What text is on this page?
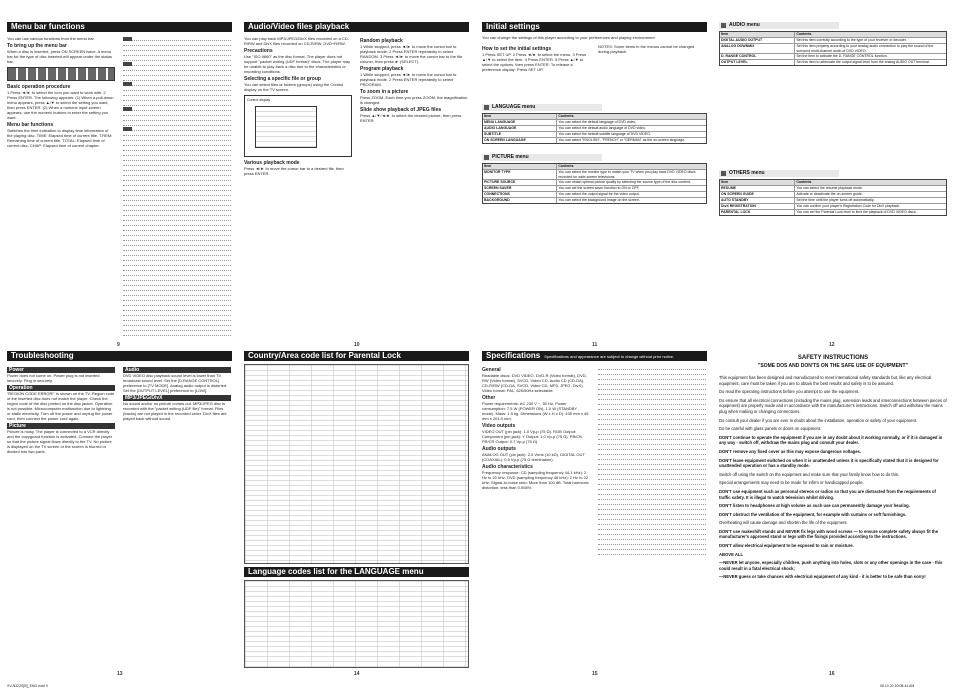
Menu bar functions
You can use various functions from the menu bar.
To bring up the menu bar
When a disc is inserted, press ON SCREEN twice. A menu bar for the type of disc inserted will appear under the status bar.
Basic operation procedure
1 Press ◄/► to select the icon you want to work with. 2 Press ENTER. The following appears: (1) When a pull-down menu appears, press ▲/▼ to select the setting you want, then press ENTER. (2) When a numeric input screen appears, use the numeric buttons to enter the setting you want.
Menu bar functions
Switches the time indication to display time information of the playing disc. TIME: Elapsed time of current title. T.REM: Remaining time of current title. TOTAL: Elapsed time of current disc. CHAP: Elapsed time of current chapter.
9
Audio/Video files playback
You can play back MP3/JPEG/DivX files recorded on a CD-R/RW and DivX files recorded on CD-R/RW, DVD+R/RW.
Precautions
Use "ISO 9660" as the disc format. The player does not support "packet writing (UDF format)" discs. The player may be unable to play back a disc due to the characteristics or recording conditions.
Selecting a specific file or group
You can select files or folders (groups) using the Control display on the TV screen.
Control display
Various playback mode
Press ◄/► to move the cursor bar to a desired file, then press ENTER.
Random playback
1 While stopped, press ◄/► to move the cursor bar to playback mode. 2 Press ENTER repeatedly to select RANDOM. 3 Press ◄/► to move the cursor bar to the file column, then press ► (SELECT).
Program playback
1 While stopped, press ◄/► to move the cursor bar to playback mode. 2 Press ENTER repeatedly to select PROGRAM.
To zoom in a picture
Press ZOOM. Each time you press ZOOM, the magnification is changed.
Slide show playback of JPEG files
Press ▲/▼/◄/► to select the desired picture, then press ENTER.
10
Initial settings
You can change the settings of this player according to your preferences and playing environment.
How to set the initial settings
1 Press SET UP. 2 Press ◄/► to select the menu. 3 Press ▲/▼ to select the item. 4 Press ENTER. 5 Press ▲/▼ to select the options, then press ENTER. To release a preference display: Press SET UP.
NOTES: Some items in the menus cannot be changed during playback.
LANGUAGE menu
Item	Contents
MENU LANGUAGE	You can select the default language of DVD video.
AUDIO LANGUAGE	You can select the default audio language of DVD video.
SUBTITLE	You can select the default subtitle language of DVD VIDEO.
ON SCREEN LANGUAGE	You can select "ENGLISH", "FRENCH" or "GERMAN" as the on-screen language.
PICTURE menu
Item	Contents
MONITOR TYPE	You can select the monitor type to match your TV when you play back DVD VIDEO discs recorded for wide-screen televisions.
PICTURE SOURCE	You can obtain optimal picture quality by selecting the source type of the disc content.
SCREEN SAVER	You can set the screen saver function to ON or OFF.
CONNECTIONS	You can select the output signal for the video output.
BACKGROUND	You can select the background image on the screen.
11
AUDIO menu
Item	Contents
DIGITAL AUDIO OUTPUT	Set this item correctly according to the type of your receiver or decoder.
ANALOG DOWNMIX	Set this item properly according to your analog audio connection to play the sound of the surround multi-channel audio of DVD VIDEO.
D. RANGE CONTROL	Set the item to activate the D. RANGE CONTROL function.
OUTPUT LEVEL	Set this item to attenuate the output signal level from the analog AUDIO OUT terminal.
OTHERS menu
Item	Contents
RESUME	You can select the resume playback mode.
ON SCREEN GUIDE	Activate or deactivate the on-screen guide.
AUTO STANDBY	Set the time until the player turns off automatically.
DivX REGISTRATION	You can confirm your player's Registration Code for DivX playback.
PARENTAL LOCK	You can set the Parental Lock level to limit the playback of DVD VIDEO discs.
12
Troubleshooting
Power
Power does not come on. Power plug is not inserted securely. Plug in securely.
Operation
"REGION CODE ERROR!" is shown on the TV. Region code of the inserted disc does not match the player. Check the region code of the disc printed on the disc jacket. Operation is not possible. Microcomputer malfunction due to lightning or static electricity. Turn off the power and unplug the power cord, then connect the power cord again.
Picture
Picture is noisy. The player is connected to a VCR directly and the copyguard function is activated. Connect the player so that the picture signal flows directly to the TV. No picture is displayed on the TV screen or the screen is blurred or divided into two parts.
Audio
DVD VIDEO disc playback sound level is lower than TV broadcast sound level. Set the [D.RANGE CONTROL] preference to [TV MODE]. Analog audio output is distorted. Set the [OUTPUT LEVEL] preference to [LOW].
MP3/JPEG/DivX
No sound and/or no picture comes out. MP3/JPEG disc is recorded with the "packet writing (UDF file)" format. Files (tracks) are not played in the recorded order. DivX files are played back without sound.
13
Country/Area code list for Parental Lock
Language codes list for the LANGUAGE menu
14
Specifications Specifications and appearance are subject to change without prior notice.
General
Readable discs: DVD VIDEO, DVD-R (Video format), DVD-RW (Video format), SVCD, Video CD, Audio CD (CD-DA), CD-R/RW (CD-DA, SVCD, Video CD, MP3, JPEG, DivX). Video format: PAL, 625/50Hz selectable.
Other
Power requirements: AC 230 V ~, 50 Hz. Power consumption: 7.5 W (POWER ON), 1.0 W (STANDBY mode). Mass: 1.5 kg. Dimensions (W x H x D): 435 mm x 45 mm x 201.5 mm.
Video outputs
VIDEO OUT (pin jack): 1.0 Vp-p (75 Ω). RGB Output: Component (pin jack): Y Output: 1.0 Vp-p (75 Ω). PB/CB, PR/CR Output: 0.7 Vp-p (75 Ω).
Audio outputs
ANALOG OUT (pin jack): 2.0 Vrms (10 kΩ). DIGITAL OUT (COAXIAL): 0.5 Vp-p (75 Ω termination).
Audio characteristics
Frequency response: CD (sampling frequency 44.1 kHz): 2 Hz to 20 kHz. DVD (sampling frequency 48 kHz): 2 Hz to 22 kHz. Signal-to-noise ratio: More than 100 dB. Total harmonic distortion: less than 0.008%.
15
SAFETY INSTRUCTIONS
"SOME DOS AND DON'TS ON THE SAFE USE OF EQUIPMENT"

This equipment has been designed and manufactured to meet international safety standards but, like any electrical equipment, care must be taken if you are to obtain the best results and safety is to be assured.

Do read the operating instructions before you attempt to use the equipment.

Do ensure that all electrical connections (including the mains plug, extension leads and interconnections between pieces of equipment) are properly made and in accordance with the manufacturer's instructions. Switch off and withdraw the mains plug when making or changing connections.

Do consult your dealer if you are ever in doubt about the installation, operation or safety of your equipment.

Do be careful with glass panels or doors on equipment.

DON'T continue to operate the equipment if you are in any doubt about it working normally, or if it is damaged in any way - switch off, withdraw the mains plug and consult your dealer.

DON'T remove any fixed cover as this may expose dangerous voltages.

DON'T leave equipment switched on when it is unattended unless it is specifically stated that it is designed for unattended operation or has a standby mode.

Switch off using the switch on the equipment and make sure that your family know how to do this.

Special arrangements may need to be made for infirm or handicapped people.

DON'T use equipment such as personal stereos or radios so that you are distracted from the requirements of traffic safety. It is illegal to watch television whilst driving.

DON'T listen to headphones at high volume as such use can permanently damage your hearing.

DON'T obstruct the ventilation of the equipment, for example with curtains or soft furnishings.

Overheating will cause damage and shorten the life of the equipment.

DON'T use makeshift stands and NEVER fix legs with wood screws — to ensure complete safety always fit the manufacturer's approved stand or legs with the fixings provided according to the instructions.

DON'T allow electrical equipment to be exposed to rain or moisture.

ABOVE ALL

—NEVER let anyone, especially children, push anything into holes, slots or any other openings in the case - this could result in a fatal electrical shock;

—NEVER guess or take chances with electrical equipment of any kind - it is better to be safe than sorry!

16
XV-N322S[B]_ENG.indd 9	08.10.20 10:08:44 AM
